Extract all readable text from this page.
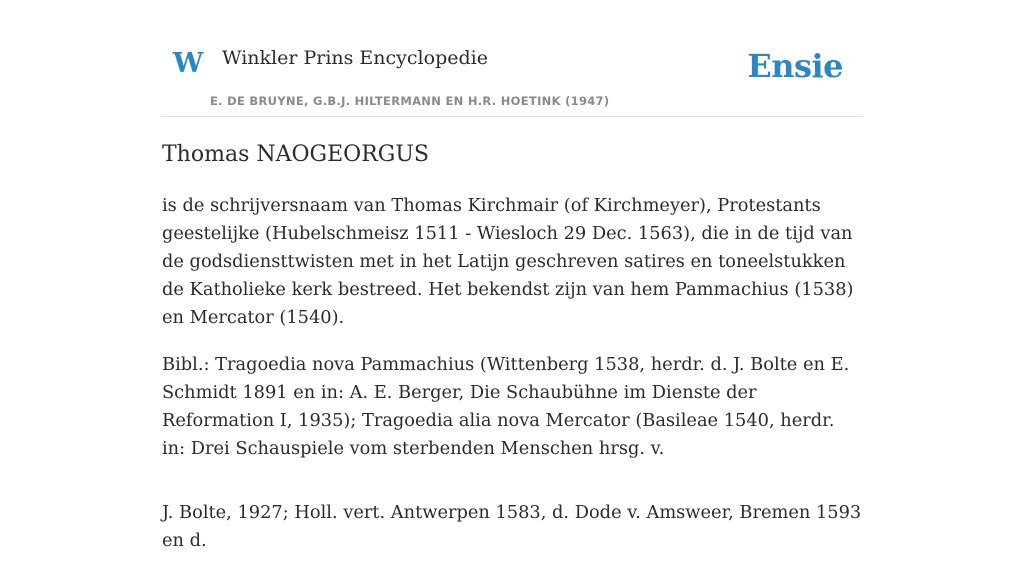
W Winkler Prins Encyclopedie
E. DE BRUYNE, G.B.J. HILTERMANN EN H.R. HOETINK (1947)
Ensie
Thomas NAOGEORGUS

is de schrijversnaam van Thomas Kirchmair (of Kirchmeyer), Protestants geestelijke (Hubelschmeisz 1511 - Wiesloch 29 Dec. 1563), die in de tijd van de godsdiensttwisten met in het Latijn geschreven satires en toneelstukken de Katholieke kerk bestreed. Het bekendst zijn van hem Pammachius (1538) en Mercator (1540).

Bibl.: Tragoedia nova Pammachius (Wittenberg 1538, herdr. d. J. Bolte en E. Schmidt 1891 en in: A. E. Berger, Die Schaubühne im Dienste der Reformation I, 1935); Tragoedia alia nova Mercator (Basileae 1540, herdr. in: Drei Schauspiele vom sterbenden Menschen hrsg. v.

J. Bolte, 1927; Holl. vert. Antwerpen 1583, d. Dode v. Amsweer, Bremen 1593 en d.
